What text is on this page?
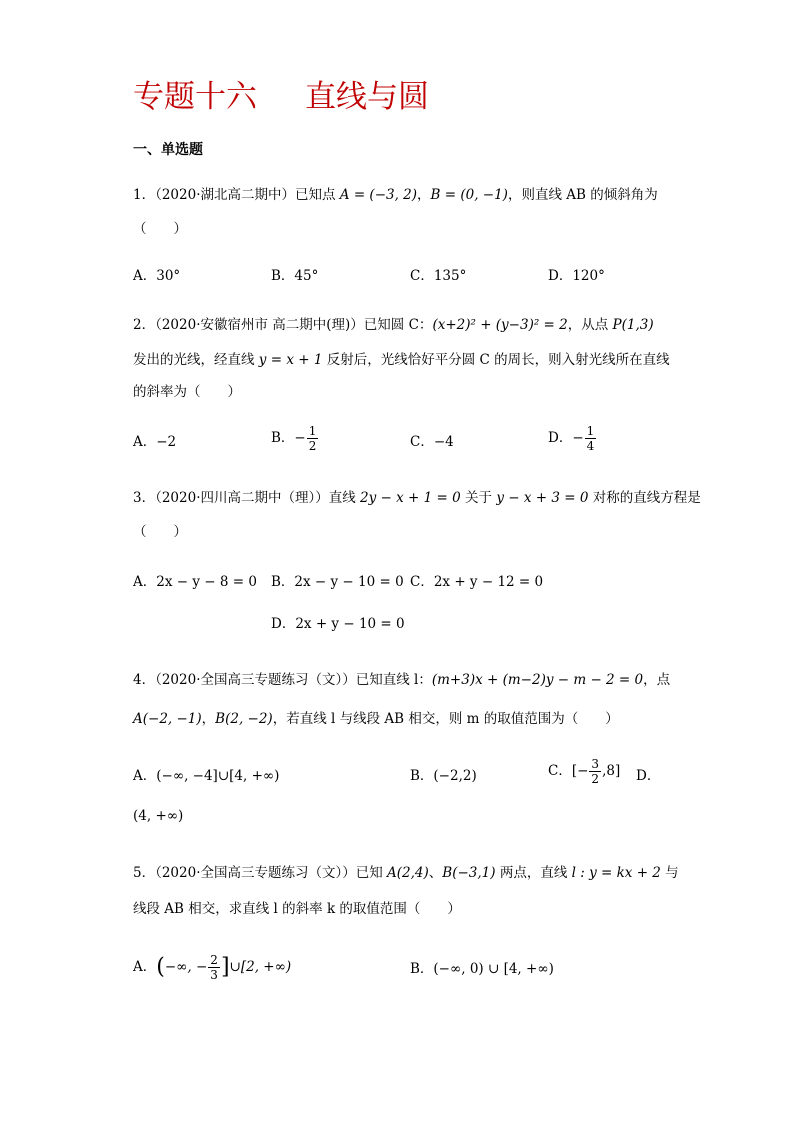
专题十六 直线与圆
一、单选题
1．（2020·湖北高二期中）已知点 A = (−3, 2)，B = (0, −1)，则直线 AB 的倾斜角为
（　　）
A．30°	B．45°	C．135°	D．120°
2．（2020·安徽宿州市 高二期中(理)）已知圆 C：(x+2)² + (y−3)² = 2，从点 P(1,3)
发出的光线，经直线 y = x + 1 反射后，光线恰好平分圆 C 的周长，则入射光线所在直线
的斜率为（　　）
A．−2	B．− $\frac{1}{2}$	C．−4	D．− $\frac{1}{4}$
3．（2020·四川高二期中（理））直线 2y − x + 1 = 0 关于 y − x + 3 = 0 对称的直线方程是
（　　）
A．2x − y − 8 = 0 B．2x − y − 10 = 0 C．2x + y − 12 = 0
D．2x + y − 10 = 0
4．（2020·全国高三专题练习（文））已知直线 l：(m+3)x + (m−2)y − m − 2 = 0，点
A(−2, −1)，B(2, −2)，若直线 l 与线段 AB 相交，则 m 的取值范围为（　　）
A．(−∞, −4]∪[4, +∞)	B．(−2,2)	C．[− $\frac{3}{2} ,8$] D．
(4, +∞)
5．（2020·全国高三专题练习（文））已知 A(2,4)、B(−3,1) 两点，直线 l : y = kx + 2 与
线段 AB 相交，求直线 l 的斜率 k 的取值范围（　　）
A．(−∞, − $\frac{2}{3}$ ]∪[2, +∞)	B．(−∞, 0) ∪ [4, +∞)
